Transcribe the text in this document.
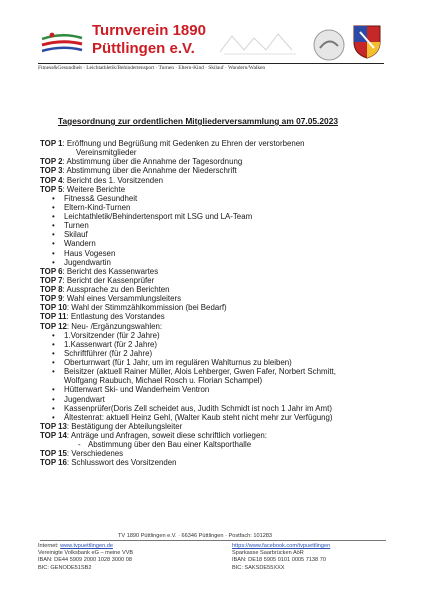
Turnverein 1890
Püttlingen e.V.
Fitness&Gesundheit · Leichtathletik/Behindertensport · Turnen · Eltern-Kind · Skilauf · Wandern/Walken
Tagesordnung zur ordentlichen Mitgliederversammlung am 07.05.2023
TOP 1: Eröffnung und Begrüßung mit Gedenken zu Ehren der verstorbenen
Vereinsmitglieder
TOP 2: Abstimmung über die Annahme der Tagesordnung
TOP 3: Abstimmung über die Annahme der Niederschrift
TOP 4: Bericht des 1. Vorsitzenden
TOP 5: Weitere Berichte
• Fitness& Gesundheit
• Eltern-Kind-Turnen
• Leichtathletik/Behindertensport mit LSG und LA-Team
• Turnen
• Skilauf
• Wandern
• Haus Vogesen
• Jugendwartin
TOP 6: Bericht des Kassenwartes
TOP 7: Bericht der Kassenprüfer
TOP 8: Aussprache zu den Berichten
TOP 9: Wahl eines Versammlungsleiters
TOP 10: Wahl der Stimmzählkommission (bei Bedarf)
TOP 11: Entlastung des Vorstandes
TOP 12: Neu- /Ergänzungswahlen:
• 1.Vorsitzender (für 2 Jahre)
• 1.Kassenwart (für 2 Jahre)
• Schriftführer (für 2 Jahre)
• Oberturnwart (für 1 Jahr, um im regulären Wahlturnus zu bleiben)
• Beisitzer (aktuell Rainer Müller, Alois Lehberger, Gwen Fafer, Norbert Schmitt,
Wolfgang Raubuch, Michael Rosch u. Florian Schampel)
• Hüttenwart Ski- und Wanderheim Ventron
• Jugendwart
• Kassenprüfer(Doris Zell scheidet aus, Judith Schmidt ist noch 1 Jahr im Amt)
• Ältestenrat: aktuell Heinz Gehl, (Walter Kaub steht nicht mehr zur Verfügung)
TOP 13: Bestätigung der Abteilungsleiter
TOP 14: Anträge und Anfragen, soweit diese schriftlich vorliegen:
- Abstimmung über den Bau einer Kaltsporthalle
TOP 15: Verschiedenes
TOP 16: Schlusswort des Vorsitzenden
TV 1890 Püttlingen e.V. · 66346 Püttlingen · Postfach: 101283
Internet: www.tvpuettlingen.de
Vereinigte Volksbank eG – meine VVB
IBAN: DE44 5909 2000 1028 3000 08
BIC: GENODE51SB2
https://www.facebook.com/tvpuettlingen
Sparkasse Saarbrücken AöR
IBAN: DE18 5905 0101 0005 7138 70
BIC: SAKSDE55XXX
